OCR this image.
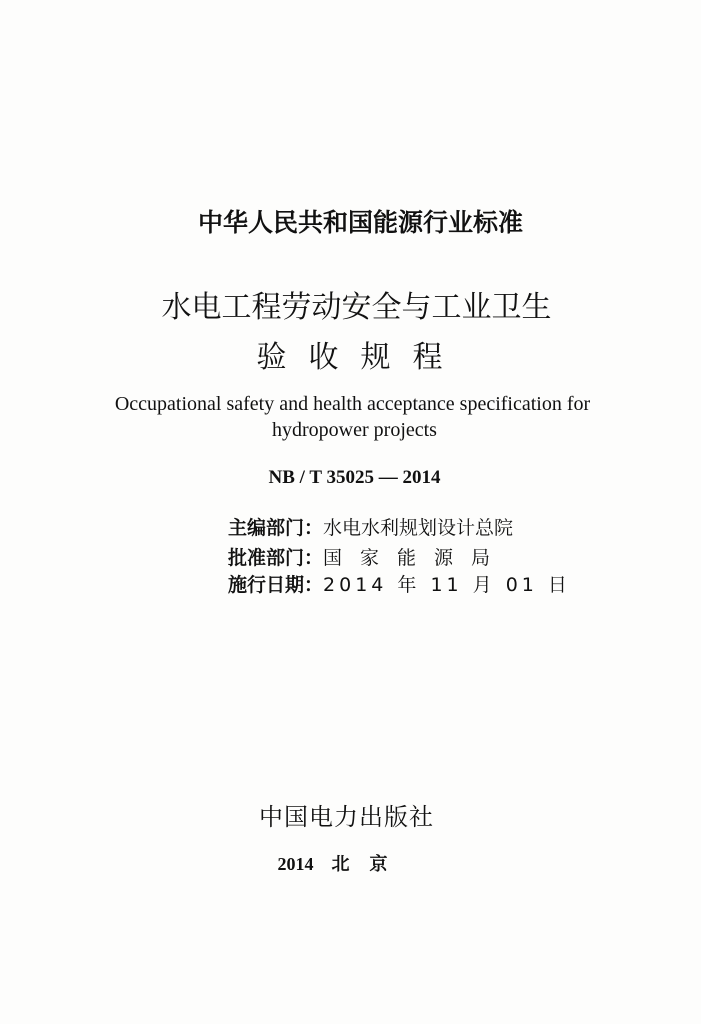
中华人民共和国能源行业标准
水电工程劳动安全与工业卫生
验收规程
Occupational safety and health acceptance specification for
hydropower projects
NB / T 35025 — 2014
主编部门：水电水利规划设计总院
批准部门：国家能源局
施行日期：2014 年 11 月 01 日
中国电力出版社
2014 北京
